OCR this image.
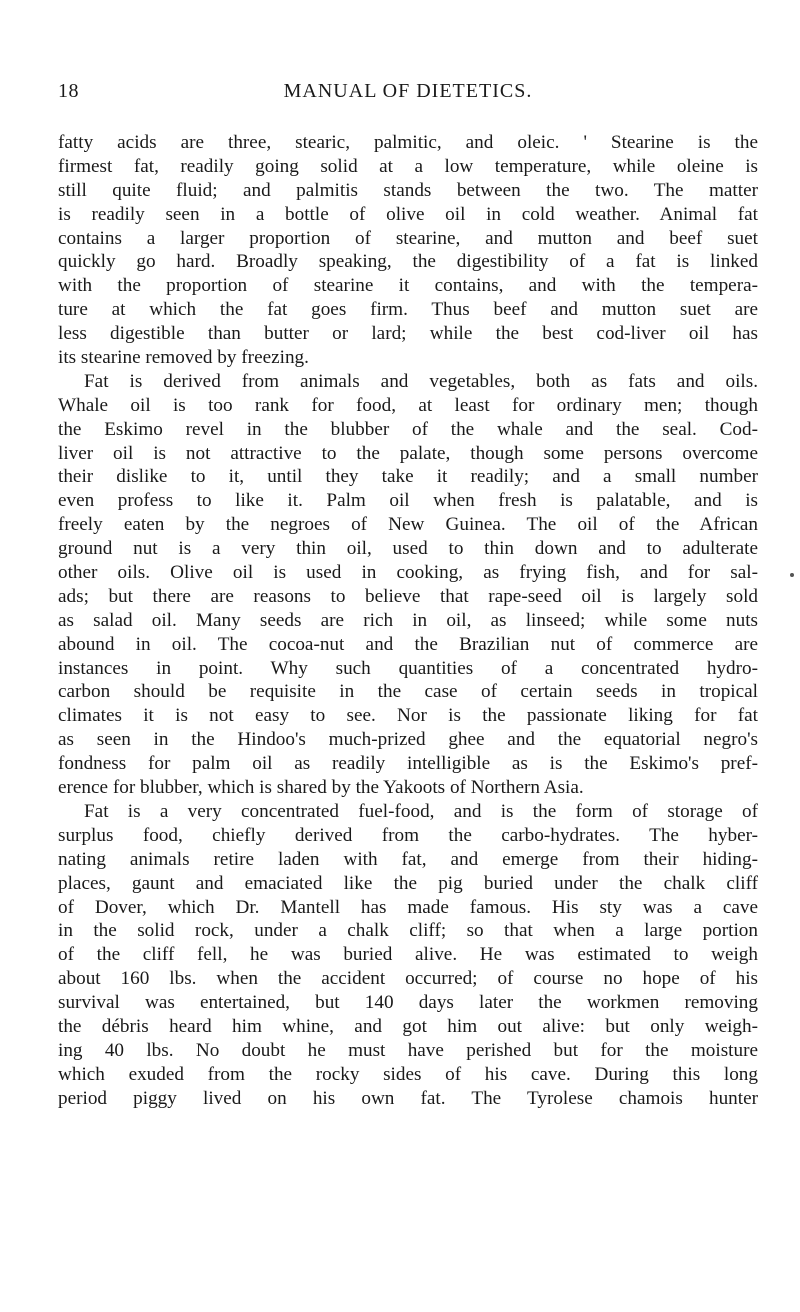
18	MANUAL OF DIETETICS.
fatty acids are three, stearic, palmitic, and oleic. ' Stearine is the
firmest fat, readily going solid at a low temperature, while oleine is
still quite fluid; and palmitis stands between the two. The matter
is readily seen in a bottle of olive oil in cold weather. Animal fat
contains a larger proportion of stearine, and mutton and beef suet
quickly go hard. Broadly speaking, the digestibility of a fat is linked
with the proportion of stearine it contains, and with the tempera-
ture at which the fat goes firm. Thus beef and mutton suet are
less digestible than butter or lard; while the best cod-liver oil has
its stearine removed by freezing.
Fat is derived from animals and vegetables, both as fats and oils.
Whale oil is too rank for food, at least for ordinary men; though
the Eskimo revel in the blubber of the whale and the seal. Cod-
liver oil is not attractive to the palate, though some persons overcome
their dislike to it, until they take it readily; and a small number
even profess to like it. Palm oil when fresh is palatable, and is
freely eaten by the negroes of New Guinea. The oil of the African
ground nut is a very thin oil, used to thin down and to adulterate
other oils. Olive oil is used in cooking, as frying fish, and for sal-
ads; but there are reasons to believe that rape-seed oil is largely sold
as salad oil. Many seeds are rich in oil, as linseed; while some nuts
abound in oil. The cocoa-nut and the Brazilian nut of commerce are
instances in point. Why such quantities of a concentrated hydro-
carbon should be requisite in the case of certain seeds in tropical
climates it is not easy to see. Nor is the passionate liking for fat
as seen in the Hindoo's much-prized ghee and the equatorial negro's
fondness for palm oil as readily intelligible as is the Eskimo's pref-
erence for blubber, which is shared by the Yakoots of Northern Asia.
Fat is a very concentrated fuel-food, and is the form of storage of
surplus food, chiefly derived from the carbo-hydrates. The hyber-
nating animals retire laden with fat, and emerge from their hiding-
places, gaunt and emaciated like the pig buried under the chalk cliff
of Dover, which Dr. Mantell has made famous. His sty was a cave
in the solid rock, under a chalk cliff; so that when a large portion
of the cliff fell, he was buried alive. He was estimated to weigh
about 160 lbs. when the accident occurred; of course no hope of his
survival was entertained, but 140 days later the workmen removing
the débris heard him whine, and got him out alive: but only weigh-
ing 40 lbs. No doubt he must have perished but for the moisture
which exuded from the rocky sides of his cave. During this long
period piggy lived on his own fat. The Tyrolese chamois hunter
